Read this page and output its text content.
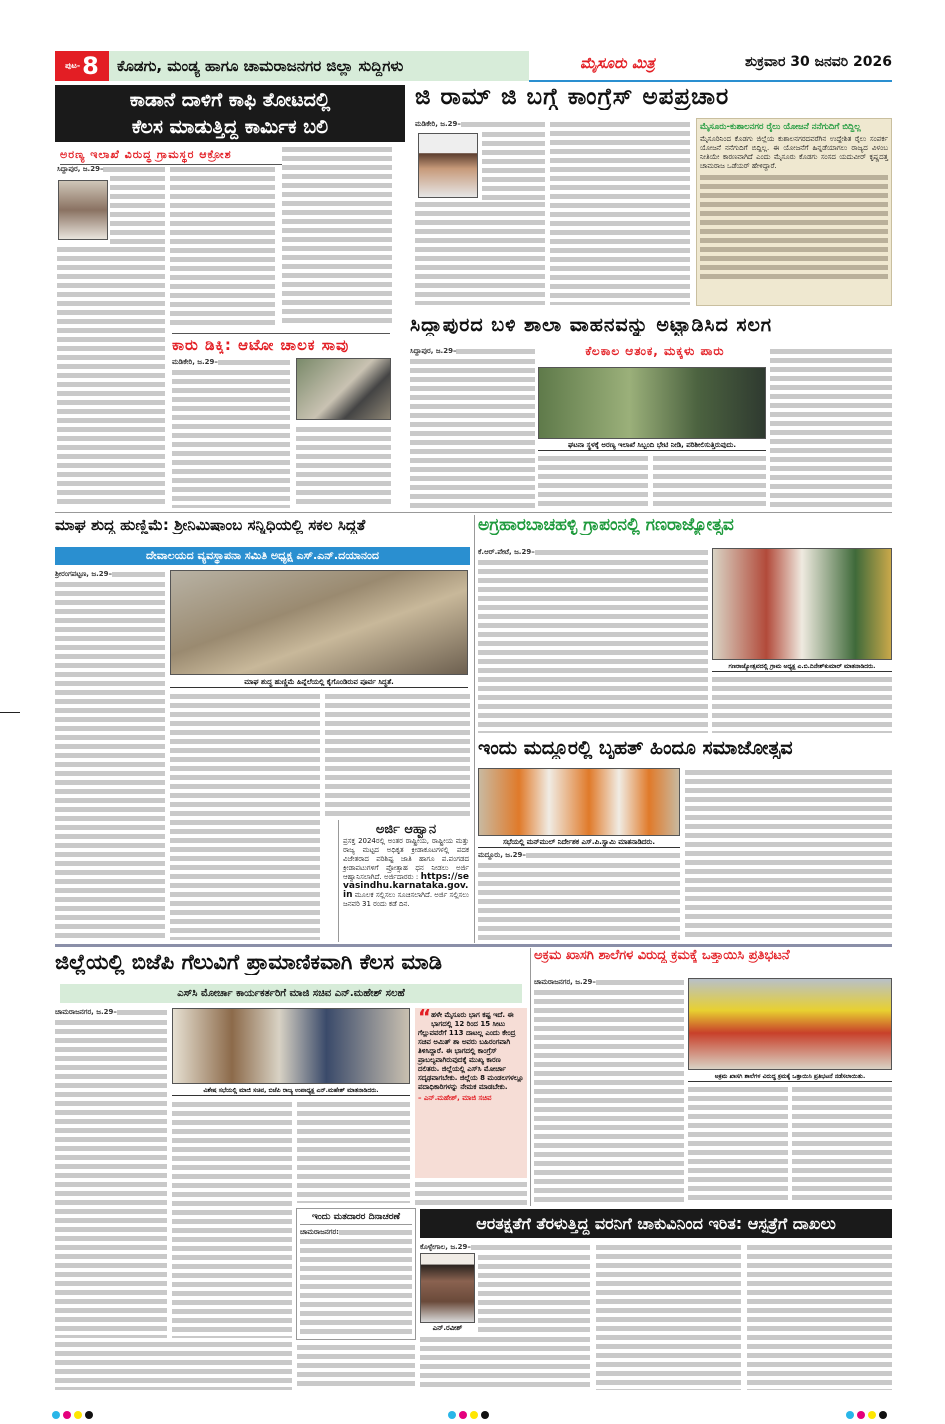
ಪುಟ- 8	ಕೊಡಗು, ಮಂಡ್ಯ ಹಾಗೂ ಚಾಮರಾಜನಗರ ಜಿಲ್ಲಾ ಸುದ್ದಿಗಳು	ಮೈಸೂರು ಮಿತ್ರ	ಶುಕ್ರವಾರ 30 ಜನವರಿ 2026
ಕಾಡಾನೆ ದಾಳಿಗೆ ಕಾಫಿ ತೋಟದಲ್ಲಿ
ಕೆಲಸ ಮಾಡುತ್ತಿದ್ದ ಕಾರ್ಮಿಕ ಬಲಿ
ಅರಣ್ಯ ಇಲಾಖೆ ವಿರುದ್ಧ ಗ್ರಾಮಸ್ಥರ ಆಕ್ರೋಶ
ಸಿದ್ದಾಪುರ, ಜ.29–
ಜಿ ರಾಮ್ ಜಿ ಬಗ್ಗೆ ಕಾಂಗ್ರೆಸ್ ಅಪಪ್ರಚಾರ
ಮಡಿಕೇರಿ, ಜ.29–	ಮೈಸೂರು-ಕುಶಾಲನಗರ ರೈಲು ಯೋಜನೆ ನನೆಗುದಿಗೆ ಬಿದ್ದಿಲ್ಲ
ಮೈಸೂರಿನಿಂದ ಕೊಡಗು ಜಿಲ್ಲೆಯ ಕುಶಾಲನಗರದವರೆಗಿನ ಉದ್ದೇಶಿತ ರೈಲು ಸಂಪರ್ಕ ಯೋಜನೆ ನನೆಗುದಿಗೆ ಬಿದ್ದಿಲ್ಲ. ಈ ಯೋಜನೆಗೆ ಹಿನ್ನಡೆಯಾಗಲು ರಾಜ್ಯದ ವಿಳಂಬ ನೀತಿಯೇ ಕಾರಣವಾಗಿದೆ ಎಂದು ಮೈಸೂರು ಕೊಡಗು ಸಂಸದ ಯದುವೀರ್ ಕೃಷ್ಣದತ್ತ ಚಾಮರಾಜ ಒಡೆಯರ್ ಹೇಳಿದ್ದಾರೆ.
ಕಾರು ಡಿಕ್ಕಿ: ಆಟೋ ಚಾಲಕ ಸಾವು
ಮಡಿಕೇರಿ, ಜ.29–
ಸಿದ್ದಾಪುರದ ಬಳಿ ಶಾಲಾ ವಾಹನವನ್ನು ಅಟ್ಟಾಡಿಸಿದ ಸಲಗ
ಕೆಲಕಾಲ ಆತಂಕ, ಮಕ್ಕಳು ಪಾರು
ಸಿದ್ದಾಪುರ, ಜ.29–
ಘಟನಾ ಸ್ಥಳಕ್ಕೆ ಅರಣ್ಯ ಇಲಾಖೆ ಸಿಬ್ಬಂದಿ ಭೇಟಿ ನೀಡಿ, ಪರಿಶೀಲಿಸುತ್ತಿರುವುದು.
ಮಾಘ ಶುದ್ಧ ಹುಣ್ಣಿಮೆ: ಶ್ರೀನಿಮಿಷಾಂಬ ಸನ್ನಿಧಿಯಲ್ಲಿ ಸಕಲ ಸಿದ್ಧತೆ
ದೇವಾಲಯದ ವ್ಯವಸ್ಥಾಪನಾ ಸಮಿತಿ ಅಧ್ಯಕ್ಷ ಎಸ್.ಎನ್.ದಯಾನಂದ
ಶ್ರೀರಂಗಪಟ್ಟಣ, ಜ.29–
ಮಾಘ ಶುದ್ಧ ಹುಣ್ಣಿಮೆ ಹಿನ್ನೆಲೆಯಲ್ಲಿ ಕೈಗೊಂಡಿರುವ ಪೂರ್ವ ಸಿದ್ಧತೆ.
ಅರ್ಜಿ ಆಹ್ವಾನ
ಪ್ರಸಕ್ತ 2024ರಲ್ಲಿ ಅಂತರ ರಾಷ್ಟ್ರೀಯ, ರಾಷ್ಟ್ರೀಯ ಮತ್ತು ರಾಜ್ಯ ಮಟ್ಟದ ಅಧಿಕೃತ ಕ್ರೀಡಾಕೂಟಗಳಲ್ಲಿ ಪದಕ ವಿಜೇತರಾದ ಪರಿಶಿಷ್ಟ ಜಾತಿ ಹಾಗೂ ಪ.ಪಂಗಡದ ಕ್ರೀಡಾಪಟುಗಳಿಗೆ ಪ್ರೋತ್ಸಾಹ ಧನ ನೀಡಲು ಅರ್ಜಿ ಆಹ್ವಾನಿಸಲಾಗಿದೆ. ಅರ್ಜಿದಾರರು : https://sevasindhu.karnataka.gov.in ಮೂಲಕ ಸಲ್ಲಿಸಲು ಸೂಚಿಸಲಾಗಿದೆ. ಅರ್ಜಿ ಸಲ್ಲಿಸಲು ಜನವರಿ 31 ರಂದು ಕಡೆ ದಿನ.
ಅಗ್ರಹಾರಬಾಚಹಳ್ಳಿ ಗ್ರಾಪಂನಲ್ಲಿ ಗಣರಾಜ್ಯೋತ್ಸವ
ಕೆ.ಆರ್.ಪೇಟೆ, ಜ.29–
ಗಣರಾಜ್ಯೋತ್ಸವದಲ್ಲಿ ಗ್ರಾಮ ಅಧ್ಯಕ್ಷ ಎ.ಬಿ.ದಿನೇಶ್‌ಕುಮಾರ್ ಮಾತನಾಡಿದರು.
ಇಂದು ಮದ್ದೂರಲ್ಲಿ ಬೃಹತ್ ಹಿಂದೂ ಸಮಾಜೋತ್ಸವ
ಸಭೆಯಲ್ಲಿ ಮನ್‌ಮುಲ್ ನಿರ್ದೇಶಕ ಎಸ್.ಪಿ.ಸ್ವಾಮಿ ಮಾತನಾಡಿದರು.
ಮದ್ದೂರು, ಜ.29–
ಜಿಲ್ಲೆಯಲ್ಲಿ ಬಿಜೆಪಿ ಗೆಲುವಿಗೆ ಪ್ರಾಮಾಣಿಕವಾಗಿ ಕೆಲಸ ಮಾಡಿ
ಎಸ್‌ಸಿ ಮೋರ್ಚಾ ಕಾರ್ಯಕರ್ತರಿಗೆ ಮಾಜಿ ಸಚಿವ ಎನ್.ಮಹೇಶ್ ಸಲಹೆ
ಚಾಮರಾಜನಗರ, ಜ.29–
ವಿಶೇಷ ಸಭೆಯಲ್ಲಿ ಮಾಜಿ ಸಚಿವ, ಬಿಜೆಪಿ ರಾಜ್ಯ ಉಪಾಧ್ಯಕ್ಷ ಎನ್.ಮಹೇಶ್ ಮಾತನಾಡಿದರು.
“ ಹಳೇ ಮೈಸೂರು ಭಾಗ ಕಷ್ಟ ಇದೆ. ಈ ಭಾಗದಲ್ಲಿ 12 ರಿಂದ 15 ಸೀಟು ಗೆಲ್ಲುವವರೆಗೆ 113 ದಾಟಲ್ಲ ಎಂದು ಕೇಂದ್ರ ಸಚಿವ ಅಮಿತ್ ಶಾ ಅವರು ಬಹಿರಂಗವಾಗಿ ತಿಳಿಸಿದ್ದಾರೆ. ಈ ಭಾಗದಲ್ಲಿ ಕಾಂಗ್ರೆಸ್ ಪ್ರಾಬಲ್ಯವಾಗಿರುವುದಕ್ಕೆ ಮುಖ್ಯ ಕಾರಣ ದಲಿತರು. ಜಿಲ್ಲೆಯಲ್ಲಿ ಎಸ್‌ಸಿ ಮೋರ್ಚಾ ಸದೃಢವಾಗಬೇಕು. ಜಿಲ್ಲೆಯ 8 ಮಂಡಲಗಳಲ್ಲೂ ಪದಾಧಿಕಾರಿಗಳನ್ನು ನೇಮಕ ಮಾಡಬೇಕು.
– ಎನ್.ಮಹೇಶ್, ಮಾಜಿ ಸಚಿವ
ಅಕ್ರಮ ಖಾಸಗಿ ಶಾಲೆಗಳ ವಿರುದ್ಧ ಕ್ರಮಕ್ಕೆ ಒತ್ತಾಯಿಸಿ ಪ್ರತಿಭಟನೆ
ಚಾಮರಾಜನಗರ, ಜ.29–
ಅಕ್ರಮ ಖಾಸಗಿ ಶಾಲೆಗಳ ವಿರುದ್ಧ ಕ್ರಮಕ್ಕೆ ಒತ್ತಾಯಿಸಿ ಪ್ರತಿಭಟನೆ ನಡೆಸಲಾಯಿತು.
ಇಂದು ಮತದಾರರ ದಿನಾಚರಣೆ
ಚಾಮರಾಜನಗರ:	ಆರತಕ್ಷತೆಗೆ ತೆರಳುತ್ತಿದ್ದ ವರನಿಗೆ ಚಾಕುವಿನಿಂದ ಇರಿತ: ಆಸ್ಪತ್ರೆಗೆ ದಾಖಲು
ಕೊಳ್ಳೇಗಾಲ, ಜ.29–
ಎನ್.ರವೀಶ್
